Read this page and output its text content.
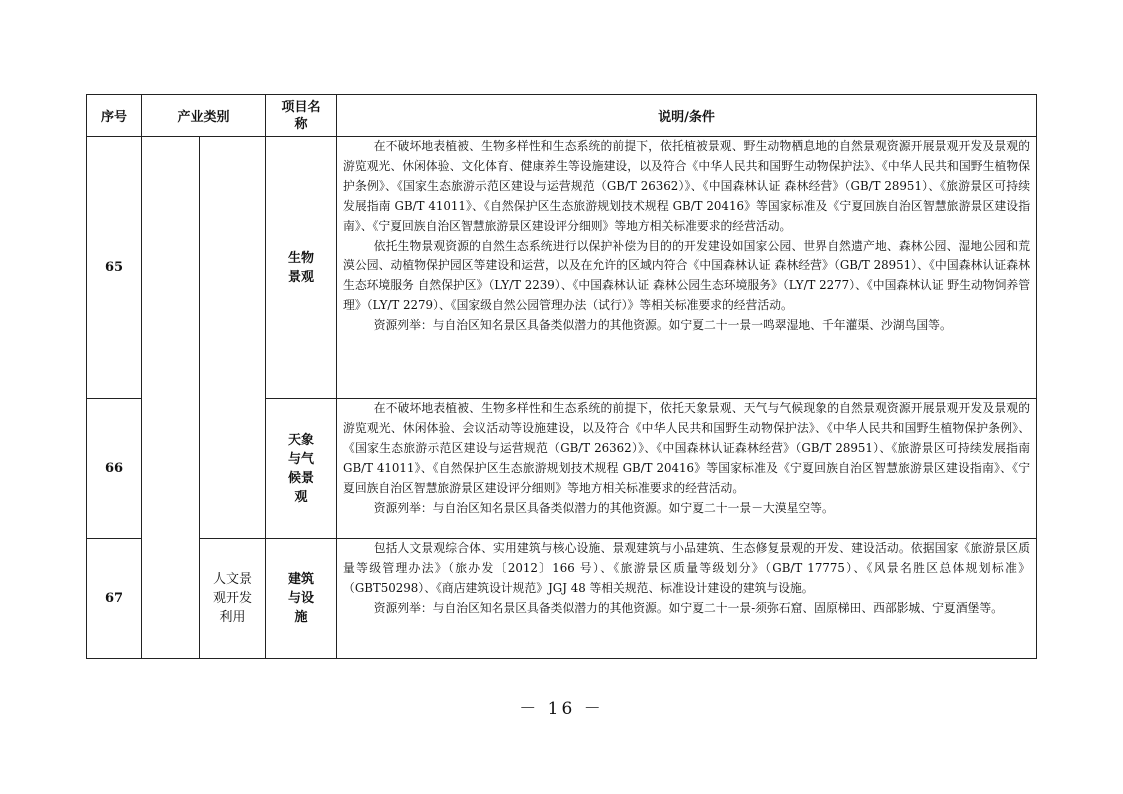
序号	产业类别		项目名称	说明/条件
65			生物景观	在不破坏地表植被、生物多样性和生态系统的前提下，依托植被景观、野生动物栖息地的自然景观资源开展景观开发及景观的游览观光、休闲体验、文化体育、健康养生等设施建设，以及符合《中华人民共和国野生动物保护法》、《中华人民共和国野生植物保护条例》、《国家生态旅游示范区建设与运营规范（GB/T 26362）》、《中国森林认证 森林经营》（GB/T 28951）、《旅游景区可持续发展指南 GB/T 41011》、《自然保护区生态旅游规划技术规程 GB/T 20416》等国家标准及《宁夏回族自治区智慧旅游景区建设指南》、《宁夏回族自治区智慧旅游景区建设评分细则》等地方相关标准要求的经营活动。

依托生物景观资源的自然生态系统进行以保护补偿为目的的开发建设如国家公园、世界自然遗产地、森林公园、湿地公园和荒漠公园、动植物保护园区等建设和运营，以及在允许的区域内符合《中国森林认证 森林经营》（GB/T 28951）、《中国森林认证森林生态环境服务 自然保护区》（LY/T 2239）、《中国森林认证 森林公园生态环境服务》（LY/T 2277）、《中国森林认证 野生动物饲养管理》（LY/T 2279）、《国家级自然公园管理办法（试行）》等相关标准要求的经营活动。

资源列举：与自治区知名景区具备类似潜力的其他资源。如宁夏二十一景一鸣翠湿地、千年灌渠、沙湖鸟国等。

66			天象与气候景观	在不破坏地表植被、生物多样性和生态系统的前提下，依托天象景观、天气与气候现象的自然景观资源开展景观开发及景观的游览观光、休闲体验、会议活动等设施建设，以及符合《中华人民共和国野生动物保护法》、《中华人民共和国野生植物保护条例》、《国家生态旅游示范区建设与运营规范（GB/T 26362）》、《中国森林认证森林经营》（GB/T 28951）、《旅游景区可持续发展指南 GB/T 41011》、《自然保护区生态旅游规划技术规程 GB/T 20416》等国家标准及《宁夏回族自治区智慧旅游景区建设指南》、《宁夏回族自治区智慧旅游景区建设评分细则》等地方相关标准要求的经营活动。

资源列举：与自治区知名景区具备类似潜力的其他资源。如宁夏二十一景－大漠星空等。

67		人文景观开发利用	建筑与设施	包括人文景观综合体、实用建筑与核心设施、景观建筑与小品建筑、生态修复景观的开发、建设活动。依据国家《旅游景区质量等级管理办法》（旅办发〔2012〕166 号）、《旅游景区质量等级划分》（GB/T 17775）、《风景名胜区总体规划标准》（GBT50298）、《商店建筑设计规范》JGJ 48 等相关规范、标准设计建设的建筑与设施。

资源列举：与自治区知名景区具备类似潜力的其他资源。如宁夏二十一景-须弥石窟、固原梯田、西部影城、宁夏酒堡等。

－ 16 －
